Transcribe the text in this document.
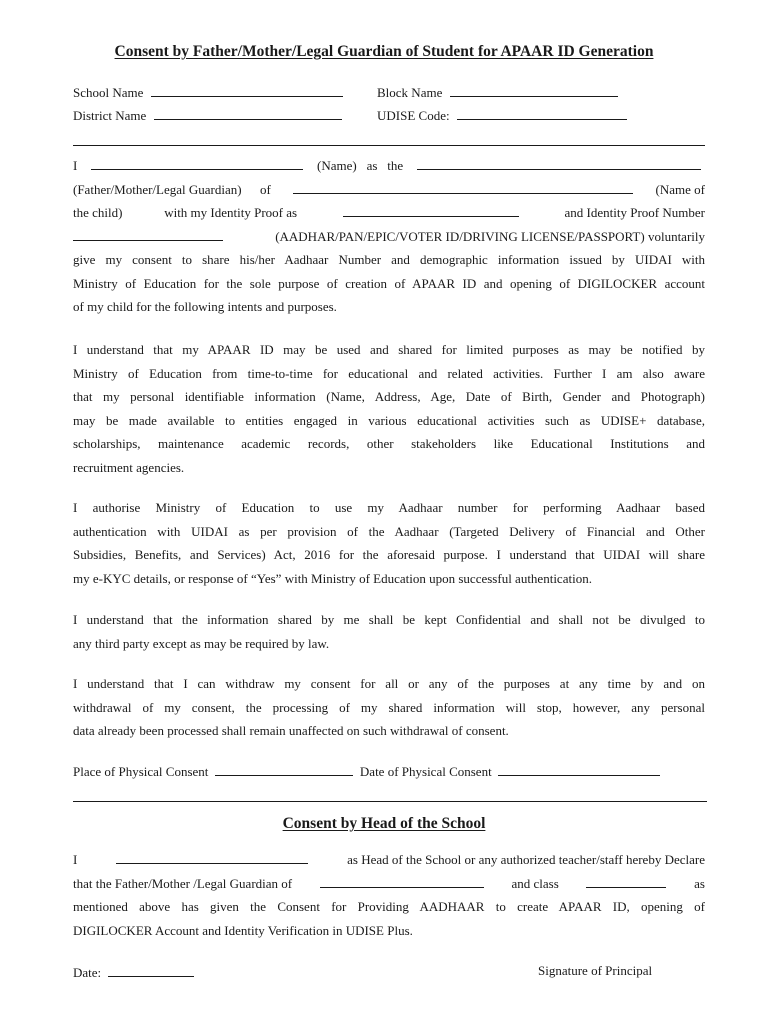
Consent by Father/Mother/Legal Guardian of Student for APAAR ID Generation
School Name	Block Name
District Name	UDISE Code:
I	(Name) as the
(Father/Mother/Legal Guardian) of	(Name of
the child)	with my Identity Proof as	and Identity Proof Number
(AADHAR/PAN/EPIC/VOTER ID/DRIVING LICENSE/PASSPORT) voluntarily
give my consent to share his/her Aadhaar Number and demographic information issued by UIDAI with
Ministry of Education for the sole purpose of creation of APAAR ID and opening of DIGILOCKER account
of my child for the following intents and purposes.
I understand that my APAAR ID may be used and shared for limited purposes as may be notified by
Ministry of Education from time-to-time for educational and related activities. Further I am also aware
that my personal identifiable information (Name, Address, Age, Date of Birth, Gender and Photograph)
may be made available to entities engaged in various educational activities such as UDISE+ database,
scholarships, maintenance academic records, other stakeholders like Educational Institutions and
recruitment agencies.
I authorise Ministry of Education to use my Aadhaar number for performing Aadhaar based
authentication with UIDAI as per provision of the Aadhaar (Targeted Delivery of Financial and Other
Subsidies, Benefits, and Services) Act, 2016 for the aforesaid purpose. I understand that UIDAI will share
my e-KYC details, or response of “Yes” with Ministry of Education upon successful authentication.
I understand that the information shared by me shall be kept Confidential and shall not be divulged to
any third party except as may be required by law.
I understand that I can withdraw my consent for all or any of the purposes at any time by and on
withdrawal of my consent, the processing of my shared information will stop, however, any personal
data already been processed shall remain unaffected on such withdrawal of consent.
Place of Physical Consent	Date of Physical Consent
Consent by Head of the School
I	as Head of the School or any authorized teacher/staff hereby Declare
that the Father/Mother /Legal Guardian of	and class	as
mentioned above has given the Consent for Providing AADHAAR to create APAAR ID, opening of
DIGILOCKER Account and Identity Verification in UDISE Plus.
Date:	Signature of Principal
